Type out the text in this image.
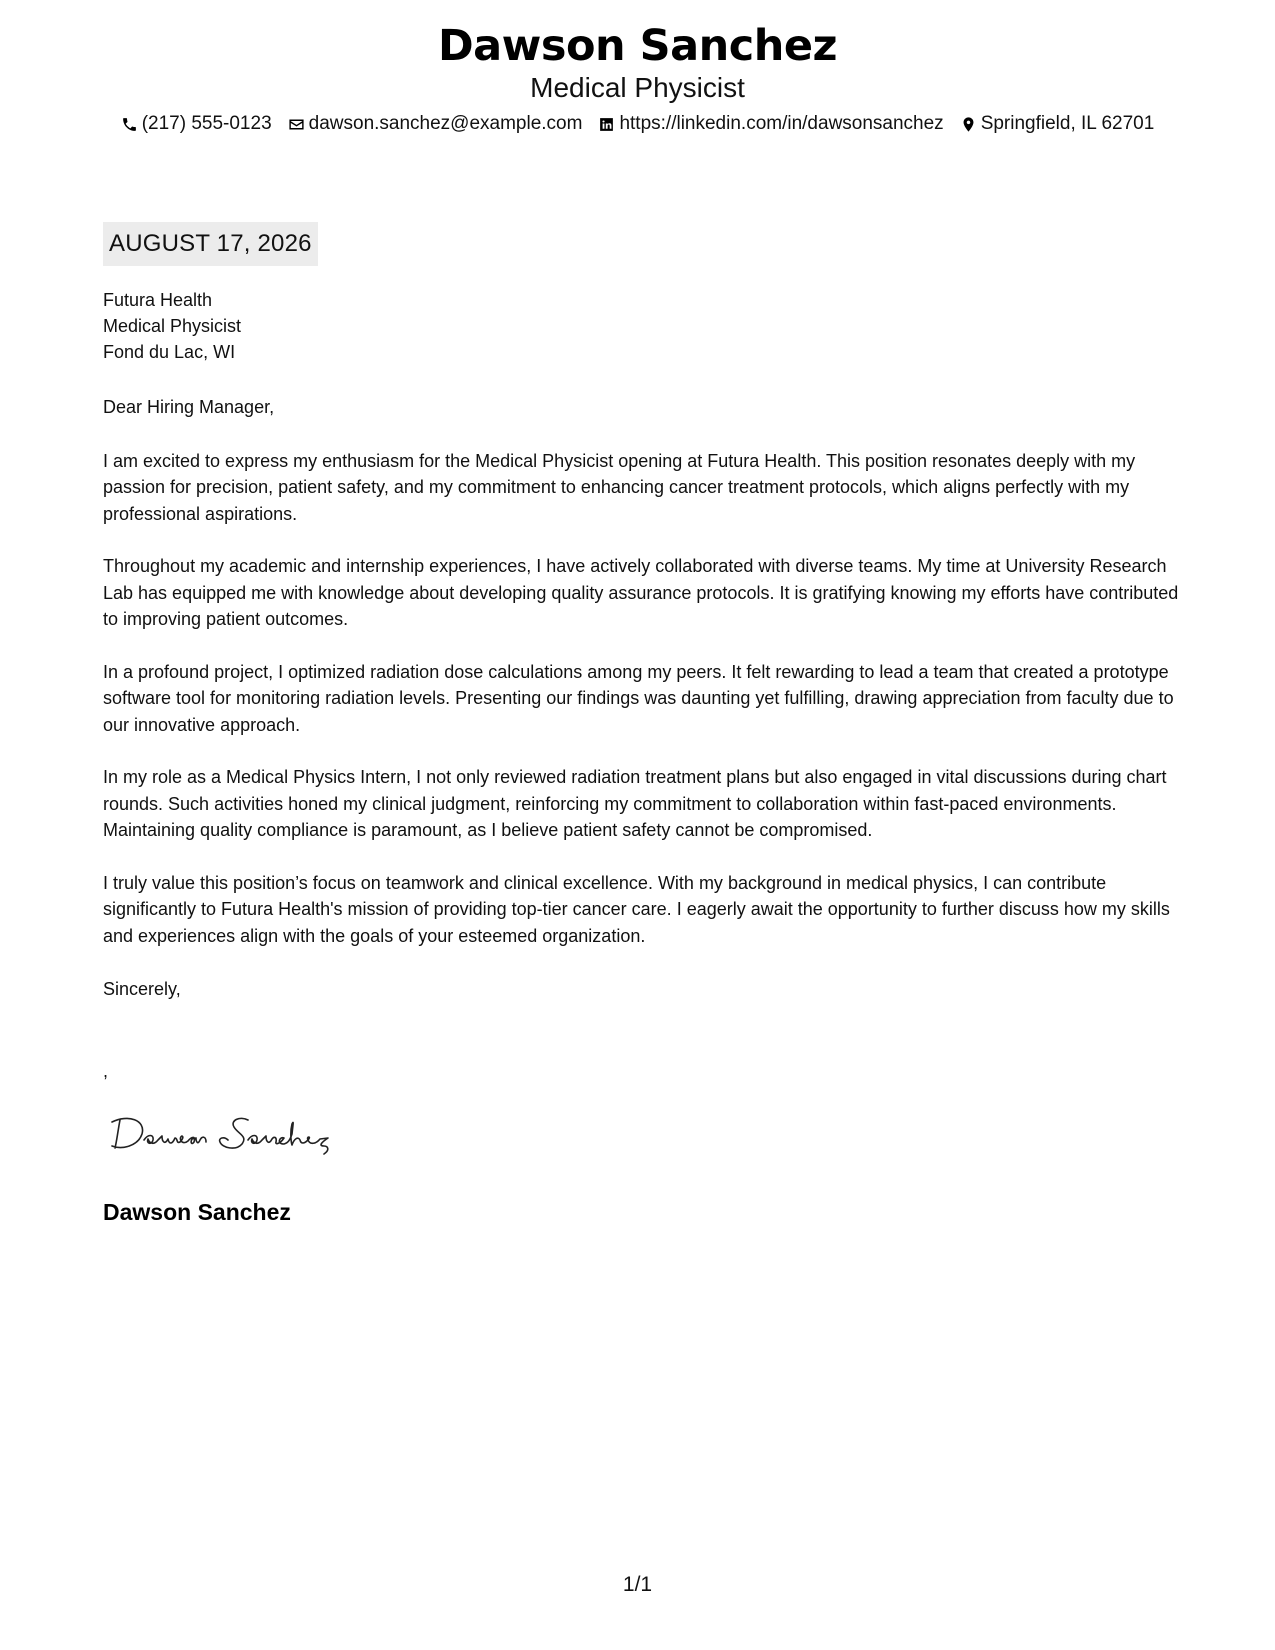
Dawson Sanchez
Medical Physicist
(217) 555-0123 dawson.sanchez@example.com https://linkedin.com/in/dawsonsanchez Springfield, IL 62701
AUGUST 17, 2026
Futura Health
Medical Physicist
Fond du Lac, WI

Dear Hiring Manager,

I am excited to express my enthusiasm for the Medical Physicist opening at Futura Health. This position resonates deeply with my passion for precision, patient safety, and my commitment to enhancing cancer treatment protocols, which aligns perfectly with my professional aspirations.

Throughout my academic and internship experiences, I have actively collaborated with diverse teams. My time at University Research Lab has equipped me with knowledge about developing quality assurance protocols. It is gratifying knowing my efforts have contributed to improving patient outcomes.

In a profound project, I optimized radiation dose calculations among my peers. It felt rewarding to lead a team that created a prototype software tool for monitoring radiation levels. Presenting our findings was daunting yet fulfilling, drawing appreciation from faculty due to our innovative approach.

In my role as a Medical Physics Intern, I not only reviewed radiation treatment plans but also engaged in vital discussions during chart rounds. Such activities honed my clinical judgment, reinforcing my commitment to collaboration within fast-paced environments. Maintaining quality compliance is paramount, as I believe patient safety cannot be compromised.

I truly value this position’s focus on teamwork and clinical excellence. With my background in medical physics, I can contribute significantly to Futura Health's mission of providing top-tier cancer care. I eagerly await the opportunity to further discuss how my skills and experiences align with the goals of your esteemed organization.

Sincerely,
,
Dawson Sanchez
1/1
